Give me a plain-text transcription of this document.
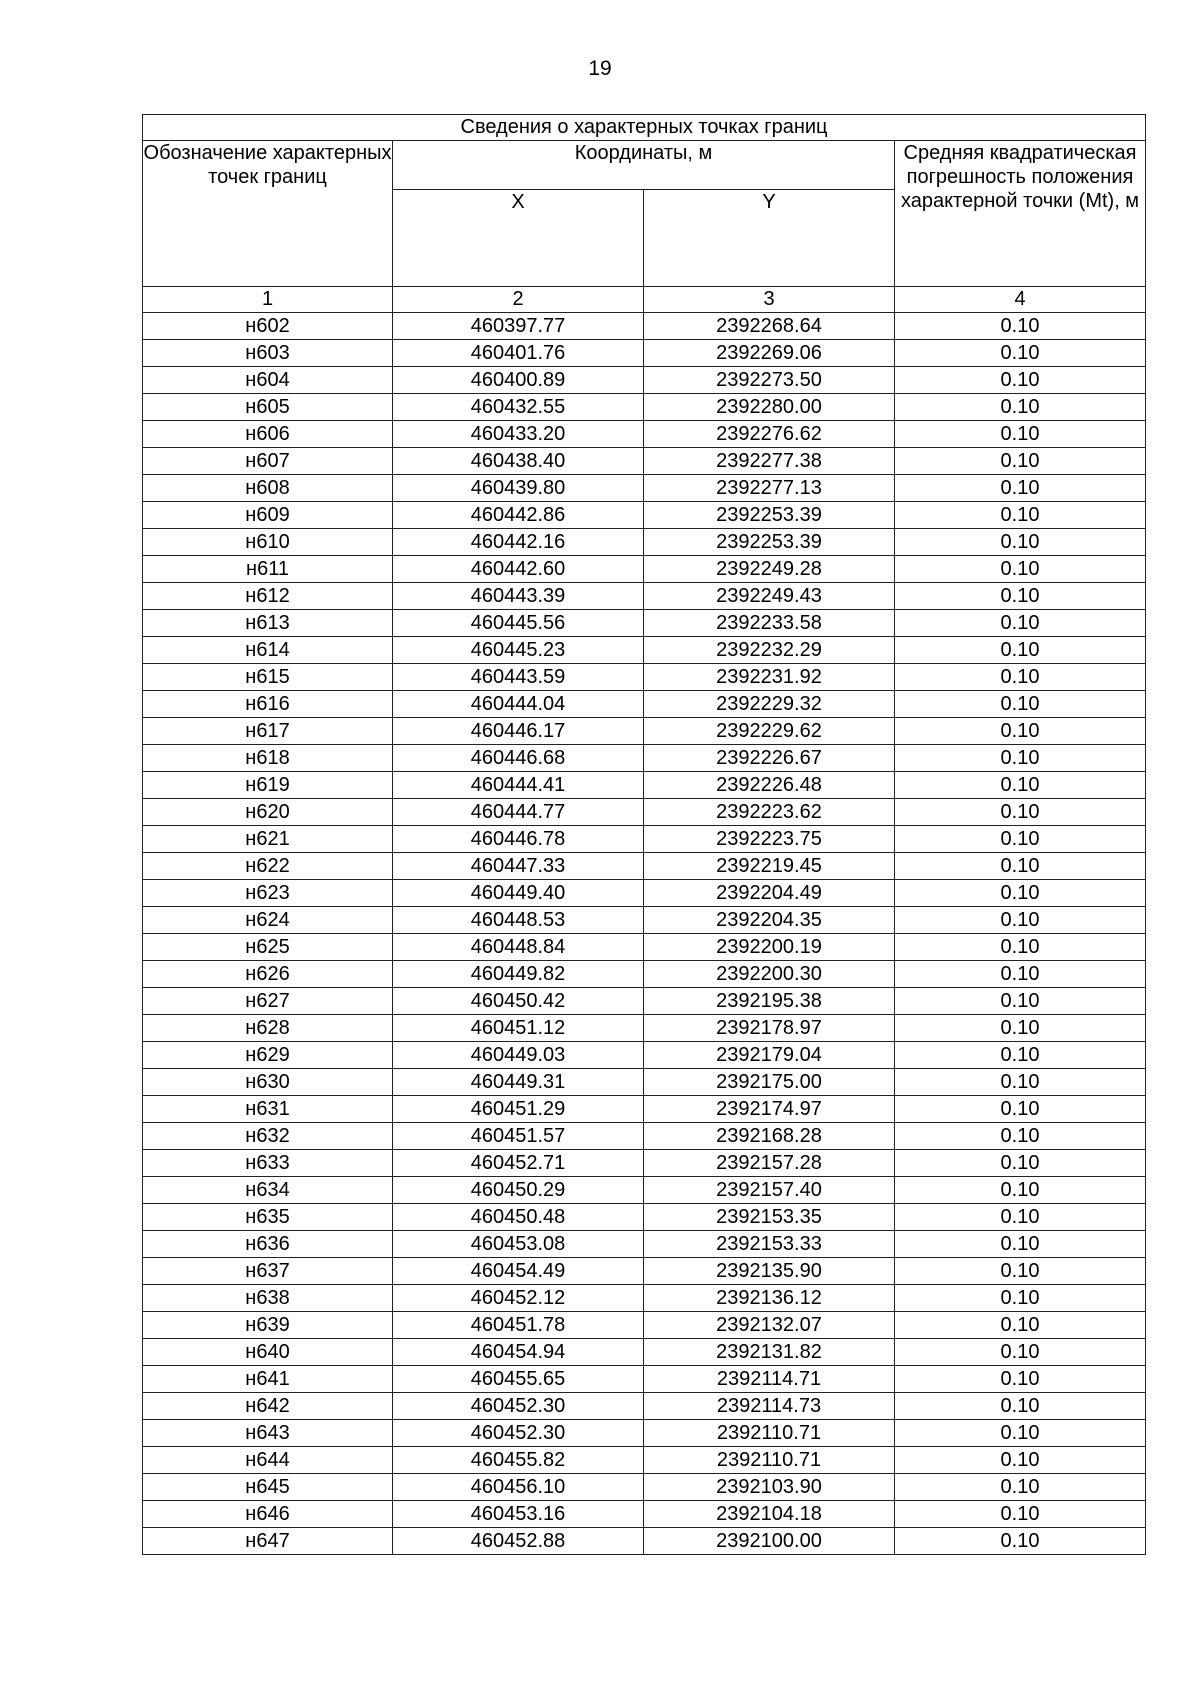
19
Сведения о характерных точках границ			
Обозначение характерных точек границ	Координаты, м		Средняя квадратическая погрешность положения характерной точки (Mt), м
	X	Y	
1	2	3	4
н602	460397.77	2392268.64	0.10
н603	460401.76	2392269.06	0.10
н604	460400.89	2392273.50	0.10
н605	460432.55	2392280.00	0.10
н606	460433.20	2392276.62	0.10
н607	460438.40	2392277.38	0.10
н608	460439.80	2392277.13	0.10
н609	460442.86	2392253.39	0.10
н610	460442.16	2392253.39	0.10
н611	460442.60	2392249.28	0.10
н612	460443.39	2392249.43	0.10
н613	460445.56	2392233.58	0.10
н614	460445.23	2392232.29	0.10
н615	460443.59	2392231.92	0.10
н616	460444.04	2392229.32	0.10
н617	460446.17	2392229.62	0.10
н618	460446.68	2392226.67	0.10
н619	460444.41	2392226.48	0.10
н620	460444.77	2392223.62	0.10
н621	460446.78	2392223.75	0.10
н622	460447.33	2392219.45	0.10
н623	460449.40	2392204.49	0.10
н624	460448.53	2392204.35	0.10
н625	460448.84	2392200.19	0.10
н626	460449.82	2392200.30	0.10
н627	460450.42	2392195.38	0.10
н628	460451.12	2392178.97	0.10
н629	460449.03	2392179.04	0.10
н630	460449.31	2392175.00	0.10
н631	460451.29	2392174.97	0.10
н632	460451.57	2392168.28	0.10
н633	460452.71	2392157.28	0.10
н634	460450.29	2392157.40	0.10
н635	460450.48	2392153.35	0.10
н636	460453.08	2392153.33	0.10
н637	460454.49	2392135.90	0.10
н638	460452.12	2392136.12	0.10
н639	460451.78	2392132.07	0.10
н640	460454.94	2392131.82	0.10
н641	460455.65	2392114.71	0.10
н642	460452.30	2392114.73	0.10
н643	460452.30	2392110.71	0.10
н644	460455.82	2392110.71	0.10
н645	460456.10	2392103.90	0.10
н646	460453.16	2392104.18	0.10
н647	460452.88	2392100.00	0.10
